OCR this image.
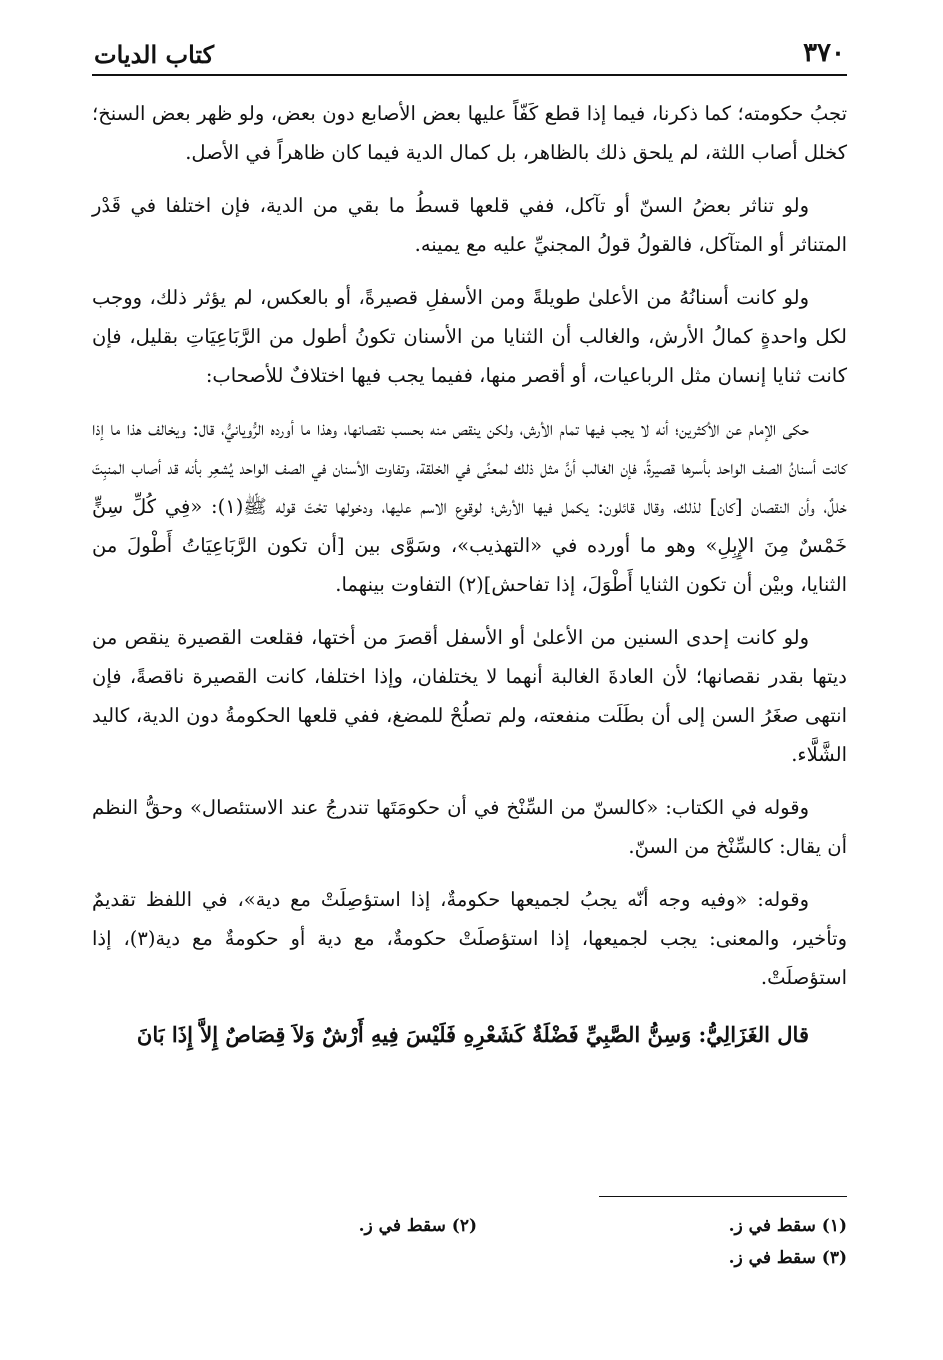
٣٧٠
كتاب الديات

تجبُ حكومته؛ كما ذكرنا، فيما إذا قطع كَفّاً عليها بعض الأصابع دون بعض، ولو ظهر بعض السنخ؛ كخلل أصاب اللثة، لم يلحق ذلك بالظاهر، بل كمال الدية فيما كان ظاهراً في الأصل.

ولو تناثر بعضُ السنّ أو تآكل، ففي قلعها قسطُ ما بقي من الدية، فإن اختلفا في قَدْر المتناثر أو المتآكل، فالقولُ قولُ المجنيِّ عليه مع يمينه.

ولو كانت أسنانُهُ من الأعلىٰ طويلةً ومن الأسفلِ قصيرةً، أو بالعكس، لم يؤثر ذلك، ووجب لكل واحدةٍ كمالُ الأرش، والغالب أن الثنايا من الأسنان تكونُ أطول من الرَّبَاعِيَاتِ بقليل، فإن كانت ثنايا إنسان مثل الرباعيات، أو أقصر منها، ففيما يجب فيها اختلافٌ للأصحاب:

حكى الإمام عن الأكثرين؛ أنه لا يجب فيها تمام الأرش، ولكن ينقص منه بحسب نقصانها، وهذا ما أورده الرُّويانيُّ، قال: ويخالف هذا ما إذا كانت أسنانُ الصف الواحد بأسرها قصيرةً، فإن الغالب أنَّ مثل ذلك لمعنًى في الخلقة، وتفاوت الأسنان في الصف الواحد يُشعِر بأنه قد أصاب المنبِتَ خللٌ، وأن النقصان [كان] لذلك، وقال قائلون: يكمل فيها الأرش؛ لوقوع الاسم عليها، ودخولها تحْتَ قوله ﷺ(١): «فِي كُلِّ سِنٍّ خَمْسٌ مِنَ الإِبِلِ» وهو ما أورده في «التهذيب»، وسَوَّى بين [أن تكون الرَّبَاعِيَاتُ أَطْولَ من الثنايا، وبيْن أن تكون الثنايا أَطْوَلَ، إذا تفاحش](٢) التفاوت بينهما.

ولو كانت إحدى السنين من الأعلىٰ أو الأسفل أقصرَ من أختها، فقلعت القصيرة ينقص من ديتها بقدر نقصانها؛ لأن العادةَ الغالبة أنهما لا يختلفان، وإذا اختلفا، كانت القصيرة ناقصةً، فإن انتهى صغَرُ السن إلى أن بطَلَت منفعته، ولم تصلُحْ للمضغ، ففي قلعها الحكومةُ دون الدية، كاليد الشَّلَّاء.

وقوله في الكتاب: «كالسنّ من السِّنْخ في أن حكومَتَها تندرجُ عند الاستئصال» وحقُّ النظم أن يقال: كالسِّنْخ من السنّ.

وقوله: «وفيه وجه أنّه يجبُ لجميعها حكومةٌ، إذا استؤصِلَتْ مع دية»، في اللفظ تقديمٌ وتأخير، والمعنى: يجب لجميعها، إذا استؤصلَتْ حكومةٌ، مع دية أو حكومةٌ مع دية(٣)، إذا استؤصلَتْ.

قال الغَزَالِيُّ: وَسِنُّ الصَّبِيِّ فَضْلَةٌ كَشَعْرِهِ فَلَيْسَ فِيهِ أَرْشٌ وَلاَ قِصَاصٌ إِلاَّ إِذَا بَانَ

(١) سقط في ز.
(٢) سقط في ز.
(٣) سقط في ز.
